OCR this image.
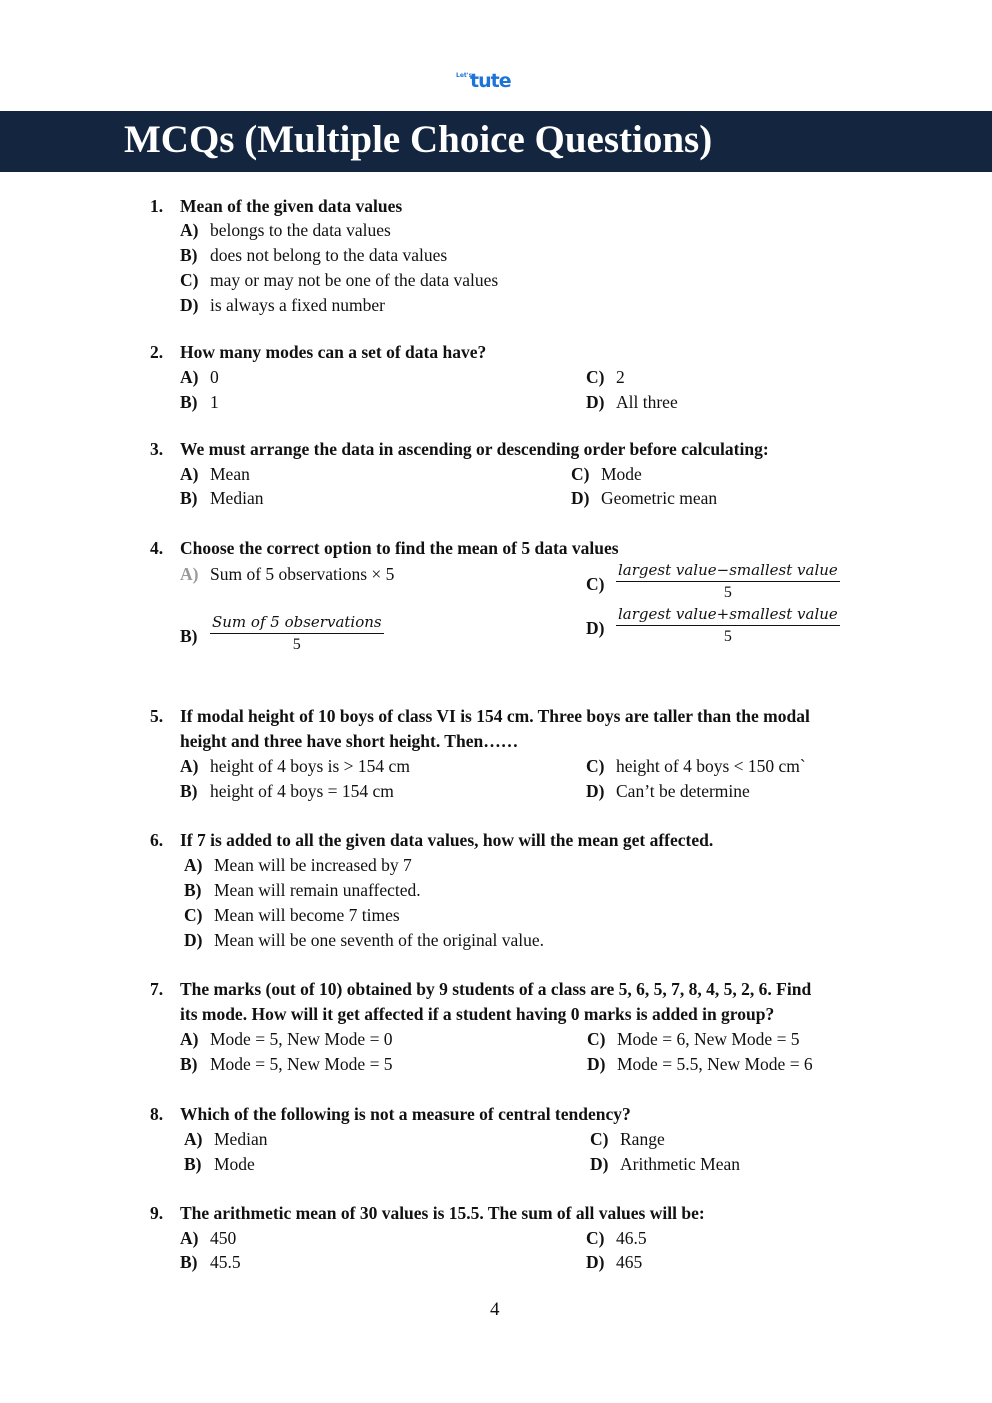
Let's
tute
MCQs (Multiple Choice Questions)
1. Mean of the given data values
A) belongs to the data values
B) does not belong to the data values
C) may or may not be one of the data values
D) is always a fixed number
2. How many modes can a set of data have?
A) 0
B) 1
C) 2
D) All three
3. We must arrange the data in ascending or descending order before calculating:
A) Mean
B) Median
C) Mode
D) Geometric mean
4. Choose the correct option to find the mean of 5 data values
A) Sum of 5 observations × 5
B)
Sum of 5 observations
5
C)
largest value−smallest value
5
D)
largest value+smallest value
5
5. If modal height of 10 boys of class VI is 154 cm. Three boys are taller than the modal
height and three have short height. Then……
A) height of 4 boys is > 154 cm
B) height of 4 boys = 154 cm
C) height of 4 boys < 150 cm`
D) Can’t be determine
6. If 7 is added to all the given data values, how will the mean get affected.
A) Mean will be increased by 7
B) Mean will remain unaffected.
C) Mean will become 7 times
D) Mean will be one seventh of the original value.
7. The marks (out of 10) obtained by 9 students of a class are 5, 6, 5, 7, 8, 4, 5, 2, 6. Find
its mode. How will it get affected if a student having 0 marks is added in group?
A) Mode = 5, New Mode = 0
B) Mode = 5, New Mode = 5
C) Mode = 6, New Mode = 5
D) Mode = 5.5, New Mode = 6
8. Which of the following is not a measure of central tendency?
A) Median
B) Mode
C) Range
D) Arithmetic Mean
9. The arithmetic mean of 30 values is 15.5. The sum of all values will be:
A) 450
B) 45.5
C) 46.5
D) 465
4
